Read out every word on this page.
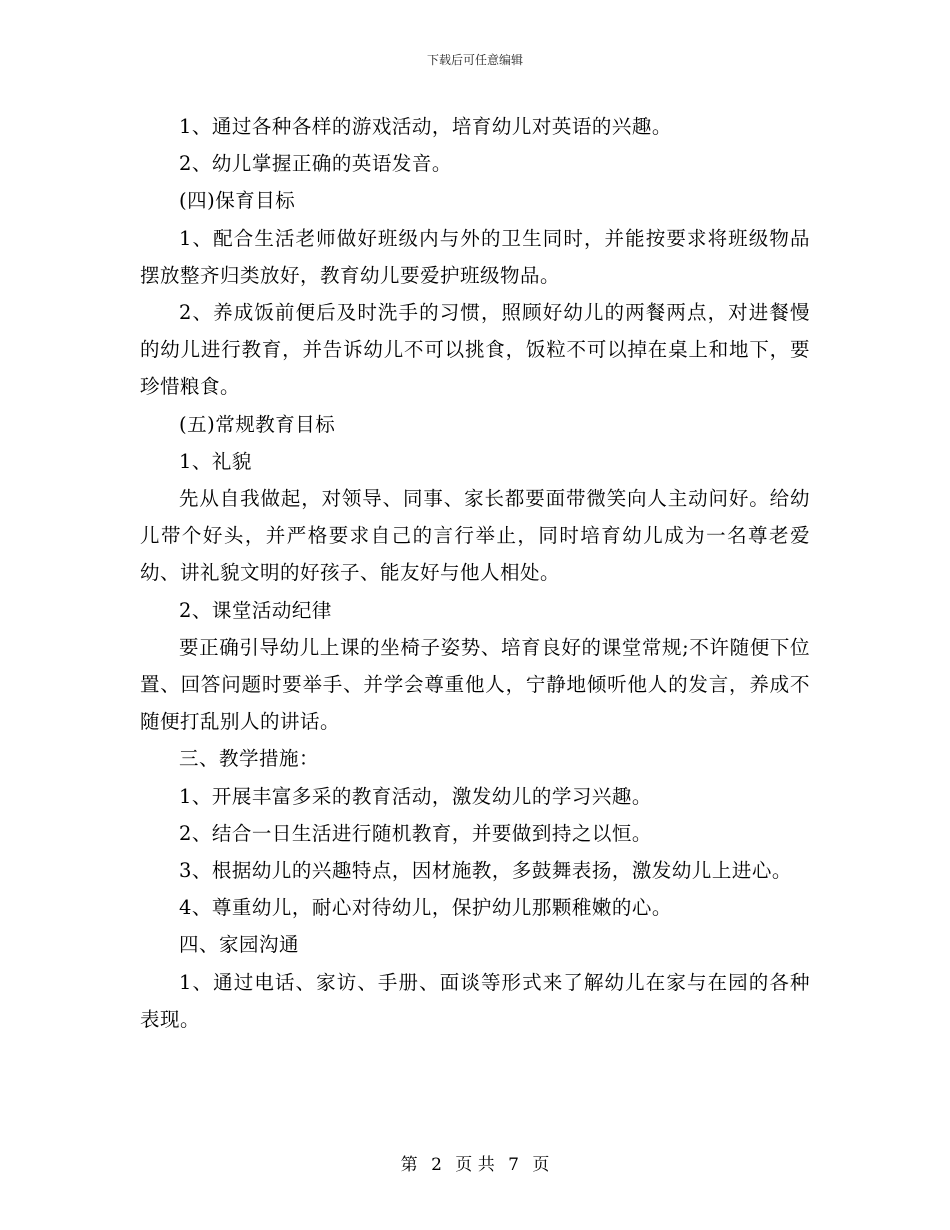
下载后可任意编辑

1、通过各种各样的游戏活动，培育幼儿对英语的兴趣。

2、幼儿掌握正确的英语发音。

(四)保育目标

1、配合生活老师做好班级内与外的卫生同时，并能按要求将班级物品摆放整齐归类放好，教育幼儿要爱护班级物品。

2、养成饭前便后及时洗手的习惯，照顾好幼儿的两餐两点，对进餐慢的幼儿进行教育，并告诉幼儿不可以挑食，饭粒不可以掉在桌上和地下，要珍惜粮食。

(五)常规教育目标

1、礼貌

先从自我做起，对领导、同事、家长都要面带微笑向人主动问好。给幼儿带个好头，并严格要求自己的言行举止，同时培育幼儿成为一名尊老爱幼、讲礼貌文明的好孩子、能友好与他人相处。

2、课堂活动纪律

要正确引导幼儿上课的坐椅子姿势、培育良好的课堂常规;不许随便下位置、回答问题时要举手、并学会尊重他人，宁静地倾听他人的发言，养成不随便打乱别人的讲话。

三、教学措施：

1、开展丰富多采的教育活动，激发幼儿的学习兴趣。

2、结合一日生活进行随机教育，并要做到持之以恒。

3、根据幼儿的兴趣特点，因材施教，多鼓舞表扬，激发幼儿上进心。

4、尊重幼儿，耐心对待幼儿，保护幼儿那颗稚嫩的心。

四、家园沟通

1、通过电话、家访、手册、面谈等形式来了解幼儿在家与在园的各种表现。

第 2 页 共 7 页
